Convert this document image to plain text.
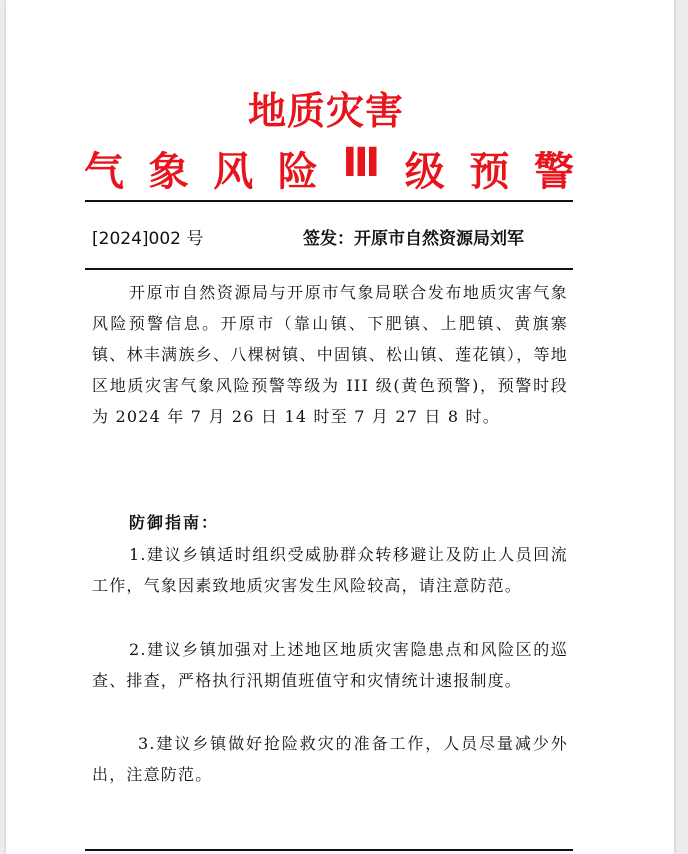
地质灾害
气 象 风 险 Ⅲ 级 预 警
[2024]002 号	签发：开原市自然资源局刘军
开原市自然资源局与开原市气象局联合发布地质灾害气象风险预警信息。开原市（靠山镇、下肥镇、上肥镇、黄旗寨镇、林丰满族乡、八棵树镇、中固镇、松山镇、莲花镇），等地区地质灾害气象风险预警等级为 III 级(黄色预警)，预警时段为 2024 年 7 月 26 日 14 时至 7 月 27 日 8 时。
防御指南：
1.建议乡镇适时组织受威胁群众转移避让及防止人员回流工作，气象因素致地质灾害发生风险较高，请注意防范。
2.建议乡镇加强对上述地区地质灾害隐患点和风险区的巡查、排查，严格执行汛期值班值守和灾情统计速报制度。
3.建议乡镇做好抢险救灾的准备工作，人员尽量减少外出，注意防范。
